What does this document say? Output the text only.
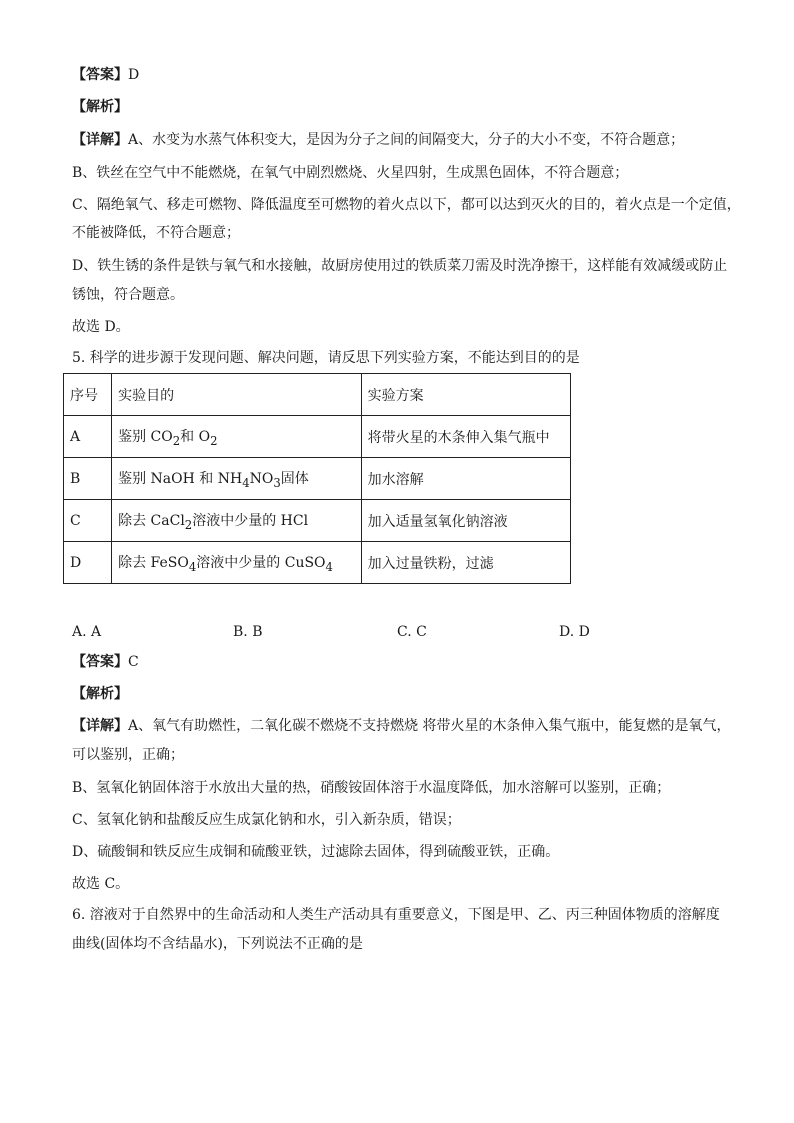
【答案】D
【解析】
【详解】A、水变为水蒸气体积变大，是因为分子之间的间隔变大，分子的大小不变，不符合题意；
B、铁丝在空气中不能燃烧，在氧气中剧烈燃烧、火星四射，生成黑色固体，不符合题意；
C、隔绝氧气、移走可燃物、降低温度至可燃物的着火点以下，都可以达到灭火的目的，着火点是一个定值，
不能被降低，不符合题意；
D、铁生锈的条件是铁与氧气和水接触，故厨房使用过的铁质菜刀需及时洗净擦干，这样能有效减缓或防止
锈蚀，符合题意。
故选 D。
5. 科学的进步源于发现问题、解决问题，请反思下列实验方案，不能达到目的的是
序号	实验目的	实验方案
A	鉴别 $CO_2$和 $O_2$	将带火星的木条伸入集气瓶中
B	鉴别 NaOH 和 $NH_4NO_3$固体	加水溶解
C	除去 CaCl$_2$溶液中少量的 HCl	加入适量氢氧化钠溶液
D	除去 FeSO$_4$溶液中少量的 CuSO$_4$	加入过量铁粉，过滤
A. A	B. B	C. C	D. D
【答案】C
【解析】
【详解】A、氧气有助燃性，二氧化碳不燃烧不支持燃烧 将带火星的木条伸入集气瓶中，能复燃的是氧气，
可以鉴别，正确；
B、氢氧化钠固体溶于水放出大量的热，硝酸铵固体溶于水温度降低，加水溶解可以鉴别，正确；
C、氢氧化钠和盐酸反应生成氯化钠和水，引入新杂质，错误；
D、硫酸铜和铁反应生成铜和硫酸亚铁，过滤除去固体，得到硫酸亚铁，正确。
故选 C。
6. 溶液对于自然界中的生命活动和人类生产活动具有重要意义，下图是甲、乙、丙三种固体物质的溶解度
曲线(固体均不含结晶水)，下列说法不正确的是
